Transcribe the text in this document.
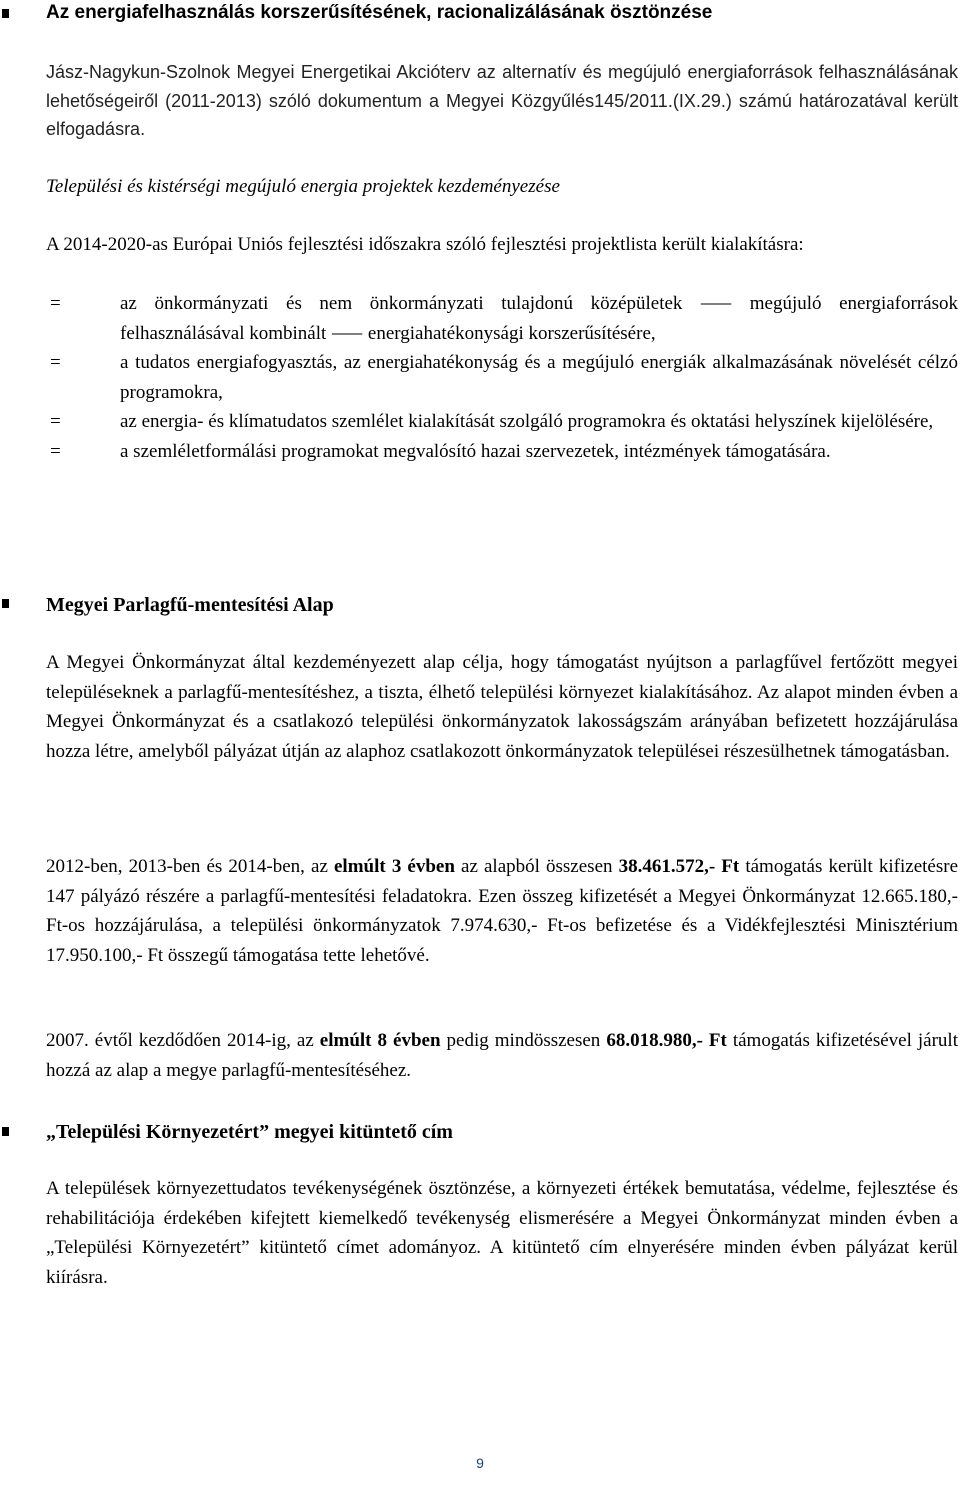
Az energiafelhasználás korszerűsítésének, racionalizálásának ösztönzése

Jász-Nagykun-Szolnok Megyei Energetikai Akcióterv az alternatív és megújuló energiaforrások felhasználásának lehetőségeiről (2011-2013) szóló dokumentum a Megyei Közgyűlés145/2011.(IX.29.) számú határozatával került elfogadásra.

Települési és kistérségi megújuló energia projektek kezdeményezése

A 2014-2020-as Európai Uniós fejlesztési időszakra szóló fejlesztési projektlista került kialakításra:

=	az önkormányzati és nem önkormányzati tulajdonú középületek ⸺ megújuló energiaforrások felhasználásával kombinált ⸺ energiahatékonysági korszerűsítésére,
=	a tudatos energiafogyasztás, az energiahatékonyság és a megújuló energiák alkalmazásának növelését célzó programokra,
=	az energia- és klímatudatos szemlélet kialakítását szolgáló programokra és oktatási helyszínek kijelölésére,
=	a szemléletformálási programokat megvalósító hazai szervezetek, intézmények támogatására.
Megyei Parlagfű-mentesítési Alap

A Megyei Önkormányzat által kezdeményezett alap célja, hogy támogatást nyújtson a parlagfűvel fertőzött megyei településeknek a parlagfű-mentesítéshez, a tiszta, élhető települési környezet kialakításához. Az alapot minden évben a Megyei Önkormányzat és a csatlakozó települési önkormányzatok lakosságszám arányában befizetett hozzájárulása hozza létre, amelyből pályázat útján az alaphoz csatlakozott önkormányzatok települései részesülhetnek támogatásban.

2012-ben, 2013-ben és 2014-ben, az elmúlt 3 évben az alapból összesen 38.461.572,- Ft támogatás került kifizetésre 147 pályázó részére a parlagfű-mentesítési feladatokra. Ezen összeg kifizetését a Megyei Önkormányzat 12.665.180,- Ft-os hozzájárulása, a települési önkormányzatok 7.974.630,- Ft-os befizetése és a Vidékfejlesztési Minisztérium 17.950.100,- Ft összegű támogatása tette lehetővé.

2007. évtől kezdődően 2014-ig, az elmúlt 8 évben pedig mindösszesen 68.018.980,- Ft támogatás kifizetésével járult hozzá az alap a megye parlagfű-mentesítéséhez.

„Települési Környezetért” megyei kitüntető cím

A települések környezettudatos tevékenységének ösztönzése, a környezeti értékek bemutatása, védelme, fejlesztése és rehabilitációja érdekében kifejtett kiemelkedő tevékenység elismerésére a Megyei Önkormányzat minden évben a „Települési Környezetért” kitüntető címet adományoz. A kitüntető cím elnyerésére minden évben pályázat kerül kiírásra.

9
